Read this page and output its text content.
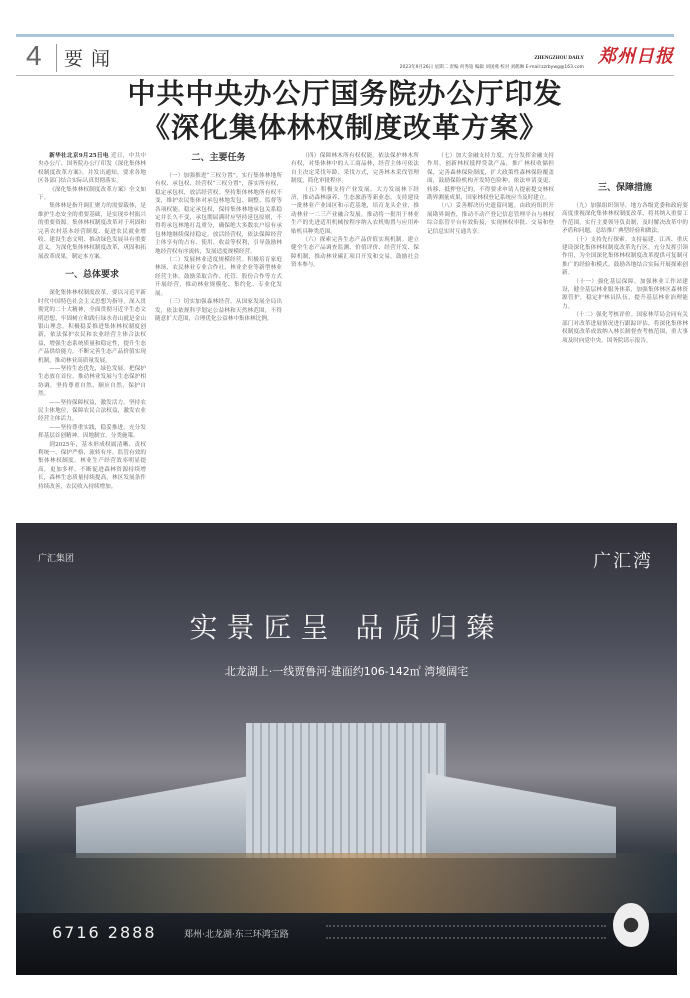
4 要闻	ZHENGZHOU DAILY
2023年9月26日 星期二 责编 何秀铂 编辑 刘国燕 校对 刘鹤琳 E-mail:zzrbywg@163.com
郑州日报
中共中央办公厅国务院办公厅印发
《深化集体林权制度改革方案》

新华社北京9月25日电 近日，中共中央办公厅、国务院办公厅印发《深化集体林权制度改革方案》，并发出通知，要求各地区各部门结合实际认真贯彻落实。

《深化集体林权制度改革方案》全文如下。

集体林是指升调汇聚力的需要载体，是维护生态安全的重要基础，是实现乡村振兴的重要资源。集体林权制度改革对于巩固和完善农村基本经营制度、促进农民就业增收、建设生态文明、推动绿色发展具有重要意义。为深化集体林权制度改革，巩固和拓展改革成果，制定本方案。

一、总体要求

深化集体林权制度改革，要以习近平新时代中国特色社会主义思想为指导，深入贯彻党的二十大精神，全面贯彻习近平生态文明思想，牢固树立和践行绿水青山就是金山银山理念，积极稳妥推进集体林权制度创新，依法保护农民和农业经营主体合法权益，增强生态系统质量和稳定性，提升生态产品供给能力，不断完善生态产品价值实现机制，推动林业高质量发展。

——坚持生态优先，绿色发展。把保护生态放在首位，推动林业发展与生态保护相协调，坚持尊重自然、顺应自然、保护自然。

——坚持保障权益，激发活力。坚持农民主体地位，保障农民合法权益，激发农业经营主体活力。

——坚持尊重实践，稳妥推进。充分发挥基层首创精神，因地制宜，分类施策。

到2025年，基本形成权属清晰、责权利统一、保护严格、流转有序、监管有效的集体林权制度，林业生产经营效率明显提高，更加多样，不断促进森林资源持续增长，森林生态质量持续提高，林区发展条件持续改善，农民收入持续增加。

二、主要任务

（一）加强推进“三权分置”。实行集体林地所有权、承包权、经营权“三权分置”，落实所有权，稳定承包权，放活经营权。坚持集体林地所有权不变，维护农民集体对承包林地发包、调整、监督等各项权能。稳定承包权，保持集体林地承包关系稳定并长久不变，承包期届满时应坚持延包原则，不得将承包林地打乱重分，确保绝大多数农户原有承包林地继续保持稳定。放活经营权，依法保障经营主体享有的占有、使用、收益等权利，引导鼓励林地经营权有序流转，发展适度规模经营。

（二）发展林业适度规模经营。积极培育家庭林场、农民林业专业合作社、林业企业等新型林业经营主体，鼓励采取合作、托管、股份合作等方式开展经营，推动林业规模化、集约化、专业化发展。

（三）切实加强森林经营。从国家发展全局出发，依法依规科学划定公益林和天然林范围，不得随意扩大范围，合理优化公益林中集体林比例。

（四）保障林木所有权权能。依法保护林木所有权，对集体林中的人工商品林，经营主体可依法自主决定采伐年龄、采伐方式，完善林木采伐管理制度，简化审批程序。

（五）积极支持产业发展。大力发展林下经济，推动森林康养、生态旅游等新业态，支持建设一批林业产业园区和示范基地，培育龙头企业，推动林业一二三产业融合发展。推动将一批用于林业生产的先进适用机械按程序纳入农机购置与应用补贴机具种类范围。

（六）探索完善生态产品价值实现机制。建立健全生态产品调查监测、价值评价、经营开发、保障机制，推动林业碳汇项目开发和交易，鼓励社会资本参与。

（七）加大金融支持力度。充分发挥金融支持作用，创新林权抵押贷款产品，推广林权收储担保，完善森林保险制度，扩大政策性森林保险覆盖面，鼓励保险机构开发特色险种。依法申请变更、转移、抵押登记的，不得要求申请人提前提交林权勘界测量成果，国家林权登记系统应当及时建立。

（八）妥善解决历史遗留问题。由政府组织开展勘界调查，推动不动产登记信息管理平台与林权综合监管平台有效衔接，实现林权审批、交易和登记信息实时互通共享。

三、保障措施

（九）加强组织领导。地方各级党委和政府要高度重视深化集体林权制度改革，将其纳入重要工作范围，实行主要领导负责制，及时解决改革中的矛盾和问题，总结推广典型经验和做法。

（十）支持先行探索。支持福建、江西、重庆建设深化集体林权制度改革先行区，充分发挥引领作用，为全国深化集体林权制度改革提供可复制可推广的经验和模式。鼓励各地结合实际开展探索创新。

（十一）强化基层保障。加强林业工作站建设，健全基层林业服务体系，加强集体林区森林资源管护，稳定护林员队伍，提升基层林业治理能力。

（十二）强化考核评价。国家林草局会同有关部门对改革进展情况进行跟踪评估，将深化集体林权制度改革成效纳入林长制督查考核范围，重大事项及时向党中央、国务院请示报告。

广汇集团	广汇湾
实景匠呈 品质归臻
北龙湖上·一线贾鲁河·建面约106-142㎡ 湾境阔宅
6716 2888	郑州·北龙湖·东三环鸿宝路
